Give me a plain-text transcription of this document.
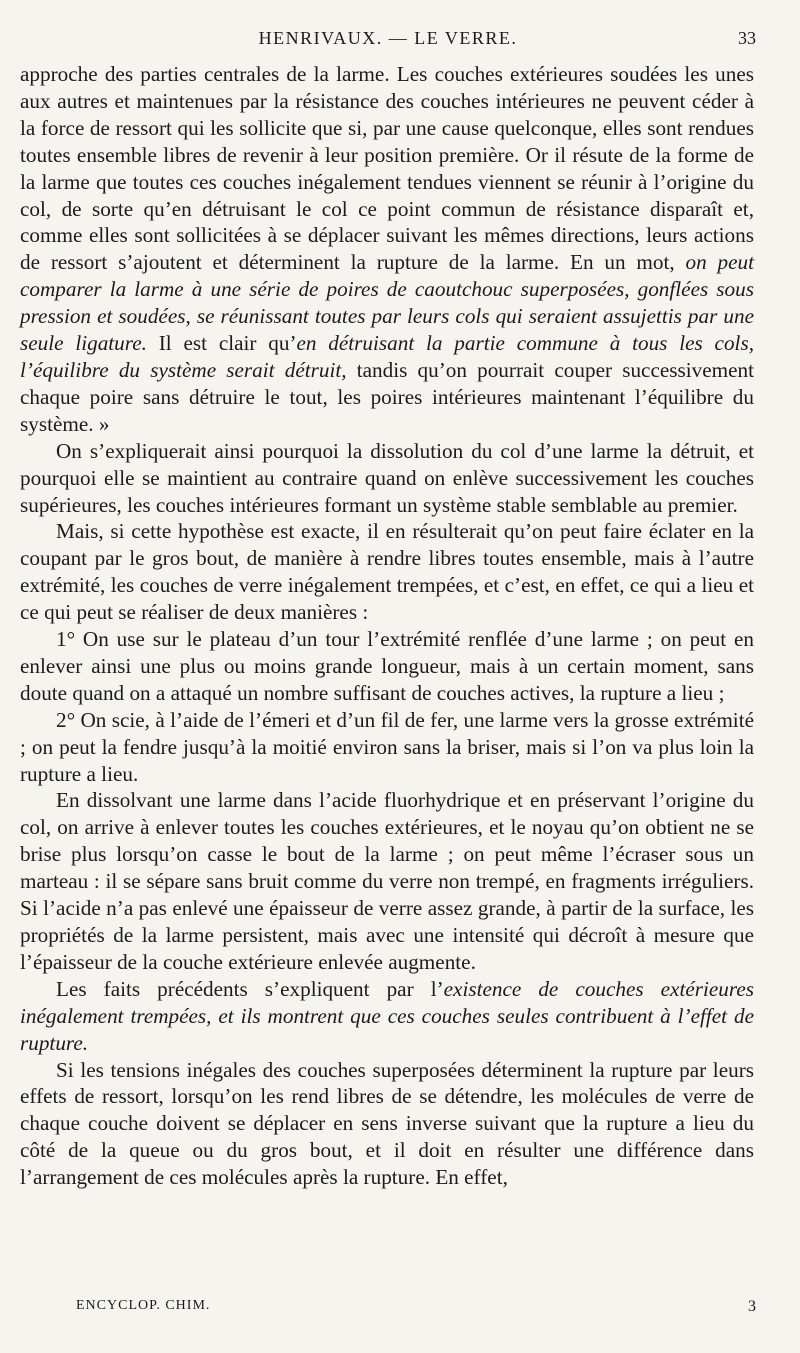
HENRIVAUX. — LE VERRE.	33

approche des parties centrales de la larme. Les couches extérieures soudées les unes aux autres et maintenues par la résistance des couches intérieures ne peuvent céder à la force de ressort qui les sollicite que si, par une cause quelconque, elles sont rendues toutes ensemble libres de revenir à leur position première. Or il résute de la forme de la larme que toutes ces couches inégalement tendues viennent se réunir à l’origine du col, de sorte qu’en détruisant le col ce point commun de résistance disparaît et, comme elles sont sollicitées à se déplacer suivant les mêmes directions, leurs actions de ressort s’ajoutent et déterminent la rupture de la larme. En un mot, on peut comparer la larme à une série de poires de caoutchouc superposées, gonflées sous pression et soudées, se réunissant toutes par leurs cols qui seraient assujettis par une seule ligature. Il est clair qu’en détruisant la partie commune à tous les cols, l’équilibre du système serait détruit, tandis qu’on pourrait couper successivement chaque poire sans détruire le tout, les poires intérieures maintenant l’équilibre du système. »

On s’expliquerait ainsi pourquoi la dissolution du col d’une larme la détruit, et pourquoi elle se maintient au contraire quand on enlève successivement les couches supérieures, les couches intérieures formant un système stable semblable au premier.

Mais, si cette hypothèse est exacte, il en résulterait qu’on peut faire éclater en la coupant par le gros bout, de manière à rendre libres toutes ensemble, mais à l’autre extrémité, les couches de verre inégalement trempées, et c’est, en effet, ce qui a lieu et ce qui peut se réaliser de deux manières :

1° On use sur le plateau d’un tour l’extrémité renflée d’une larme ; on peut en enlever ainsi une plus ou moins grande longueur, mais à un certain moment, sans doute quand on a attaqué un nombre suffisant de couches actives, la rupture a lieu ;

2° On scie, à l’aide de l’émeri et d’un fil de fer, une larme vers la grosse extrémité ; on peut la fendre jusqu’à la moitié environ sans la briser, mais si l’on va plus loin la rupture a lieu.

En dissolvant une larme dans l’acide fluorhydrique et en préservant l’origine du col, on arrive à enlever toutes les couches extérieures, et le noyau qu’on obtient ne se brise plus lorsqu’on casse le bout de la larme ; on peut même l’écraser sous un marteau : il se sépare sans bruit comme du verre non trempé, en fragments irréguliers. Si l’acide n’a pas enlevé une épaisseur de verre assez grande, à partir de la surface, les propriétés de la larme persistent, mais avec une intensité qui décroît à mesure que l’épaisseur de la couche extérieure enlevée augmente.

Les faits précédents s’expliquent par l’existence de couches extérieures inégalement trempées, et ils montrent que ces couches seules contribuent à l’effet de rupture.

Si les tensions inégales des couches superposées déterminent la rupture par leurs effets de ressort, lorsqu’on les rend libres de se détendre, les molécules de verre de chaque couche doivent se déplacer en sens inverse suivant que la rupture a lieu du côté de la queue ou du gros bout, et il doit en résulter une différence dans l’arrangement de ces molécules après la rupture. En effet,

ENCYCLOP. CHIM.	3
